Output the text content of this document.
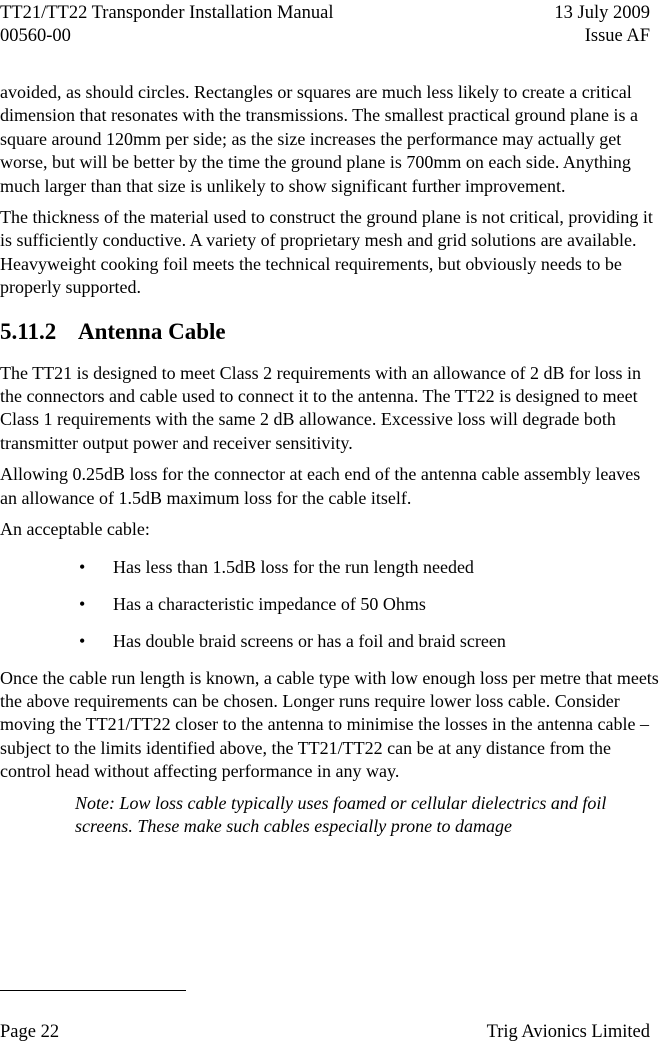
TT21/TT22 Transponder Installation Manual	13 July 2009
00560-00	Issue AF

avoided, as should circles. Rectangles or squares are much less likely to create a critical dimension that resonates with the transmissions. The smallest practical ground plane is a square around 120mm per side; as the size increases the performance may actually get worse, but will be better by the time the ground plane is 700mm on each side. Anything much larger than that size is unlikely to show significant further improvement.

The thickness of the material used to construct the ground plane is not critical, providing it is sufficiently conductive. A variety of proprietary mesh and grid solutions are available. Heavyweight cooking foil meets the technical requirements, but obviously needs to be properly supported.

5.11.2 Antenna Cable

The TT21 is designed to meet Class 2 requirements with an allowance of 2 dB for loss in the connectors and cable used to connect it to the antenna. The TT22 is designed to meet Class 1 requirements with the same 2 dB allowance. Excessive loss will degrade both transmitter output power and receiver sensitivity.

Allowing 0.25dB loss for the connector at each end of the antenna cable assembly leaves an allowance of 1.5dB maximum loss for the cable itself.

An acceptable cable:

• Has less than 1.5dB loss for the run length needed
• Has a characteristic impedance of 50 Ohms
• Has double braid screens or has a foil and braid screen

Once the cable run length is known, a cable type with low enough loss per metre that meets the above requirements can be chosen. Longer runs require lower loss cable. Consider moving the TT21/TT22 closer to the antenna to minimise the losses in the antenna cable – subject to the limits identified above, the TT21/TT22 can be at any distance from the control head without affecting performance in any way.

Note: Low loss cable typically uses foamed or cellular dielectrics and foil screens. These make such cables especially prone to damage

Page 22	Trig Avionics Limited
